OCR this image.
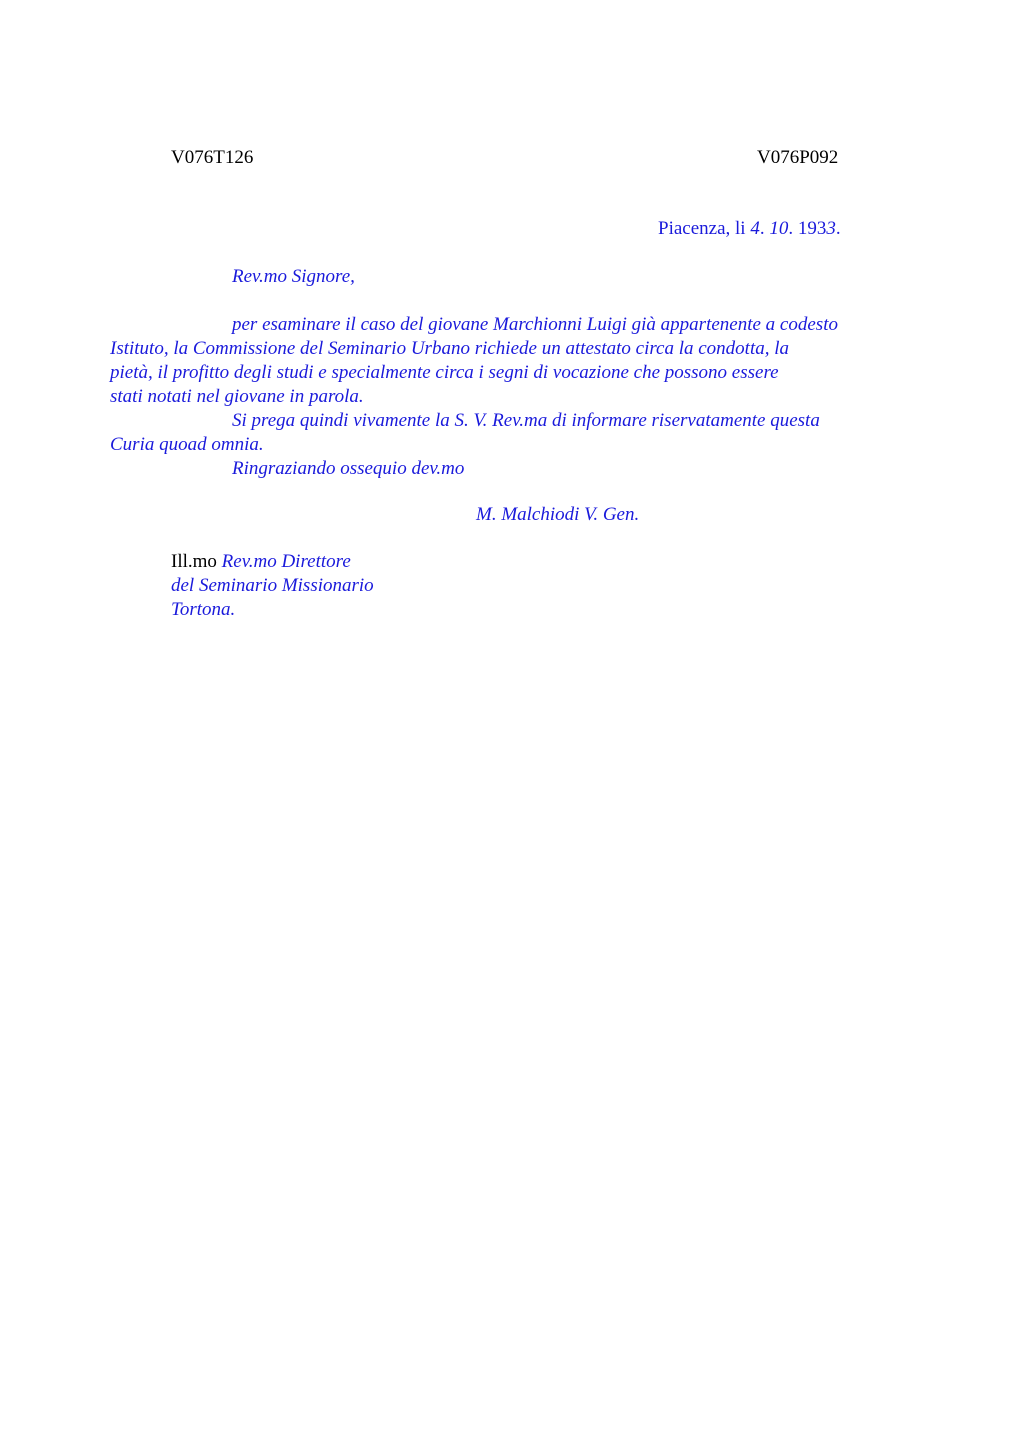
V076T126	V076P092
Piacenza, li 4. 10. 1933.
Rev.mo Signore,

per esaminare il caso del giovane Marchionni Luigi già appartenente a codesto
Istituto, la Commissione del Seminario Urbano richiede un attestato circa la condotta, la
pietà, il profitto degli studi e specialmente circa i segni di vocazione che possono essere
stati notati nel giovane in parola.

Si prega quindi vivamente la S. V. Rev.ma di informare riservatamente questa
Curia quoad omnia.

Ringraziando ossequio dev.mo

M. Malchiodi V. Gen.
Ill.mo Rev.mo Direttore
del Seminario Missionario
Tortona.
